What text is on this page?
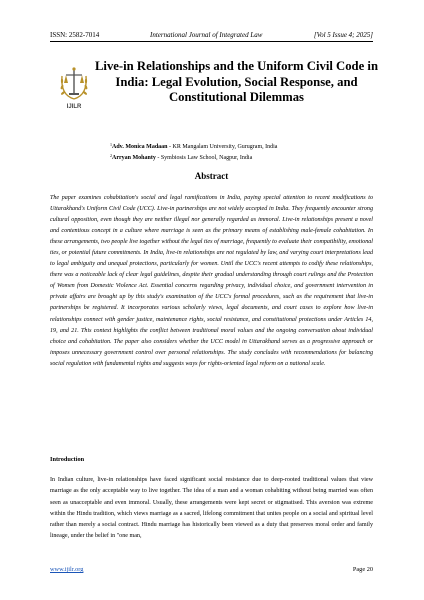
ISSN: 2582-7014	International Journal of Integrated Law	[Vol 5 Issue 4; 2025]
IJILR
Live-in Relationships and the Uniform Civil Code in India: Legal Evolution, Social Response, and Constitutional Dilemmas
$^1$Adv. Monica Madaan - KR Mangalam University, Gurugram, India
$^2$Arryan Mohanty - Symbiosis Law School, Nagpur, India
Abstract
The paper examines cohabitation's social and legal ramifications in India, paying special attention to recent modifications to Uttarakhand's Uniform Civil Code (UCC). Live-in partnerships are not widely accepted in India. They frequently encounter strong cultural opposition, even though they are neither illegal nor generally regarded as immoral. Live-in relationships present a novel and contentious concept in a culture where marriage is seen as the primary means of establishing male-female cohabitation. In these arrangements, two people live together without the legal ties of marriage, frequently to evaluate their compatibility, emotional ties, or potential future commitments. In India, live-in relationships are not regulated by law, and varying court interpretations lead to legal ambiguity and unequal protections, particularly for women. Until the UCC's recent attempts to codify these relationships, there was a noticeable lack of clear legal guidelines, despite their gradual understanding through court rulings and the Protection of Women from Domestic Violence Act. Essential concerns regarding privacy, individual choice, and government intervention in private affairs are brought up by this study's examination of the UCC's formal procedures, such as the requirement that live-in partnerships be registered. It incorporates various scholarly views, legal documents, and court cases to explore how live-in relationships connect with gender justice, maintenance rights, social resistance, and constitutional protections under Articles 14, 19, and 21. This context highlights the conflict between traditional moral values and the ongoing conversation about individual choice and cohabitation. The paper also considers whether the UCC model in Uttarakhand serves as a progressive approach or imposes unnecessary government control over personal relationships. The study concludes with recommendations for balancing social regulation with fundamental rights and suggests ways for rights-oriented legal reform on a national scale.
Introduction
In Indian culture, live-in relationships have faced significant social resistance due to deep-rooted traditional values that view marriage as the only acceptable way to live together. The idea of a man and a woman cohabiting without being married was often seen as unacceptable and even immoral. Usually, these arrangements were kept secret or stigmatised. This aversion was extreme within the Hindu tradition, which views marriage as a sacred, lifelong commitment that unites people on a social and spiritual level rather than merely a social contract. Hindu marriage has historically been viewed as a duty that preserves moral order and family lineage, under the belief in "one man,
www.ijilr.org	Page 20
